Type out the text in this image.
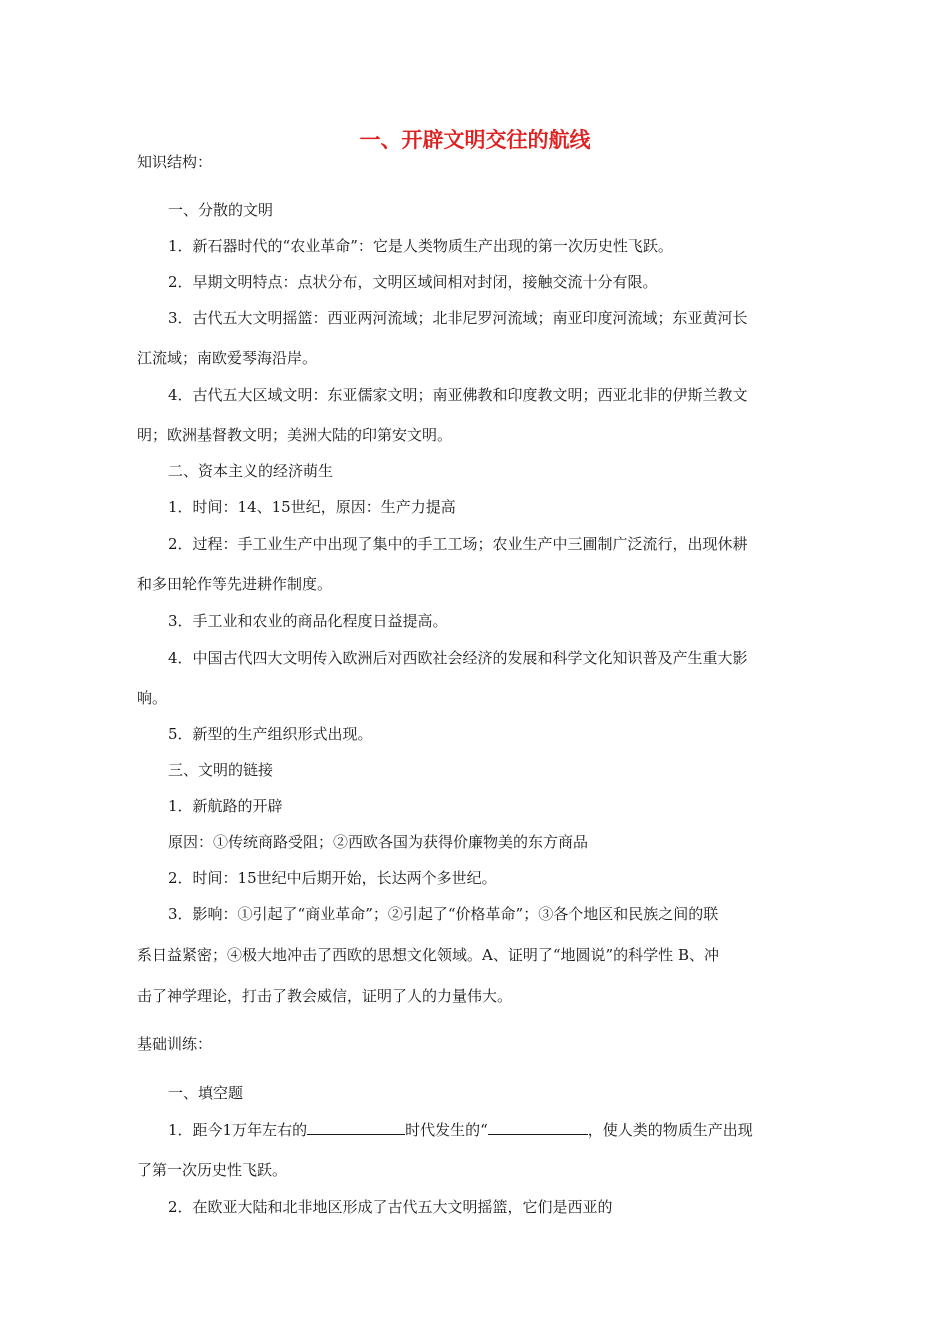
一、开辟文明交往的航线

知识结构：

一、分散的文明

1．新石器时代的“农业革命”：它是人类物质生产出现的第一次历史性飞跃。

2．早期文明特点：点状分布，文明区域间相对封闭，接触交流十分有限。

3．古代五大文明摇篮：西亚两河流域；北非尼罗河流域；南亚印度河流域；东亚黄河长

江流域；南欧爱琴海沿岸。

4．古代五大区域文明：东亚儒家文明；南亚佛教和印度教文明；西亚北非的伊斯兰教文

明；欧洲基督教文明；美洲大陆的印第安文明。

二、资本主义的经济萌生

1．时间：14、15世纪，原因：生产力提高

2．过程：手工业生产中出现了集中的手工工场；农业生产中三圃制广泛流行，出现休耕

和多田轮作等先进耕作制度。

3．手工业和农业的商品化程度日益提高。

4．中国古代四大文明传入欧洲后对西欧社会经济的发展和科学文化知识普及产生重大影

响。

5．新型的生产组织形式出现。

三、文明的链接

1．新航路的开辟

原因：①传统商路受阻；②西欧各国为获得价廉物美的东方商品

2．时间：15世纪中后期开始，长达两个多世纪。

3．影响：①引起了“商业革命”；②引起了“价格革命”；③各个地区和民族之间的联

系日益紧密；④极大地冲击了西欧的思想文化领域。A、证明了“地圆说”的科学性 B、冲

击了神学理论，打击了教会威信，证明了人的力量伟大。

基础训练：

一、填空题

1．距今1万年左右的	时代发生的“	，使人类的物质生产出现

了第一次历史性飞跃。

2．在欧亚大陆和北非地区形成了古代五大文明摇篮，它们是西亚的
